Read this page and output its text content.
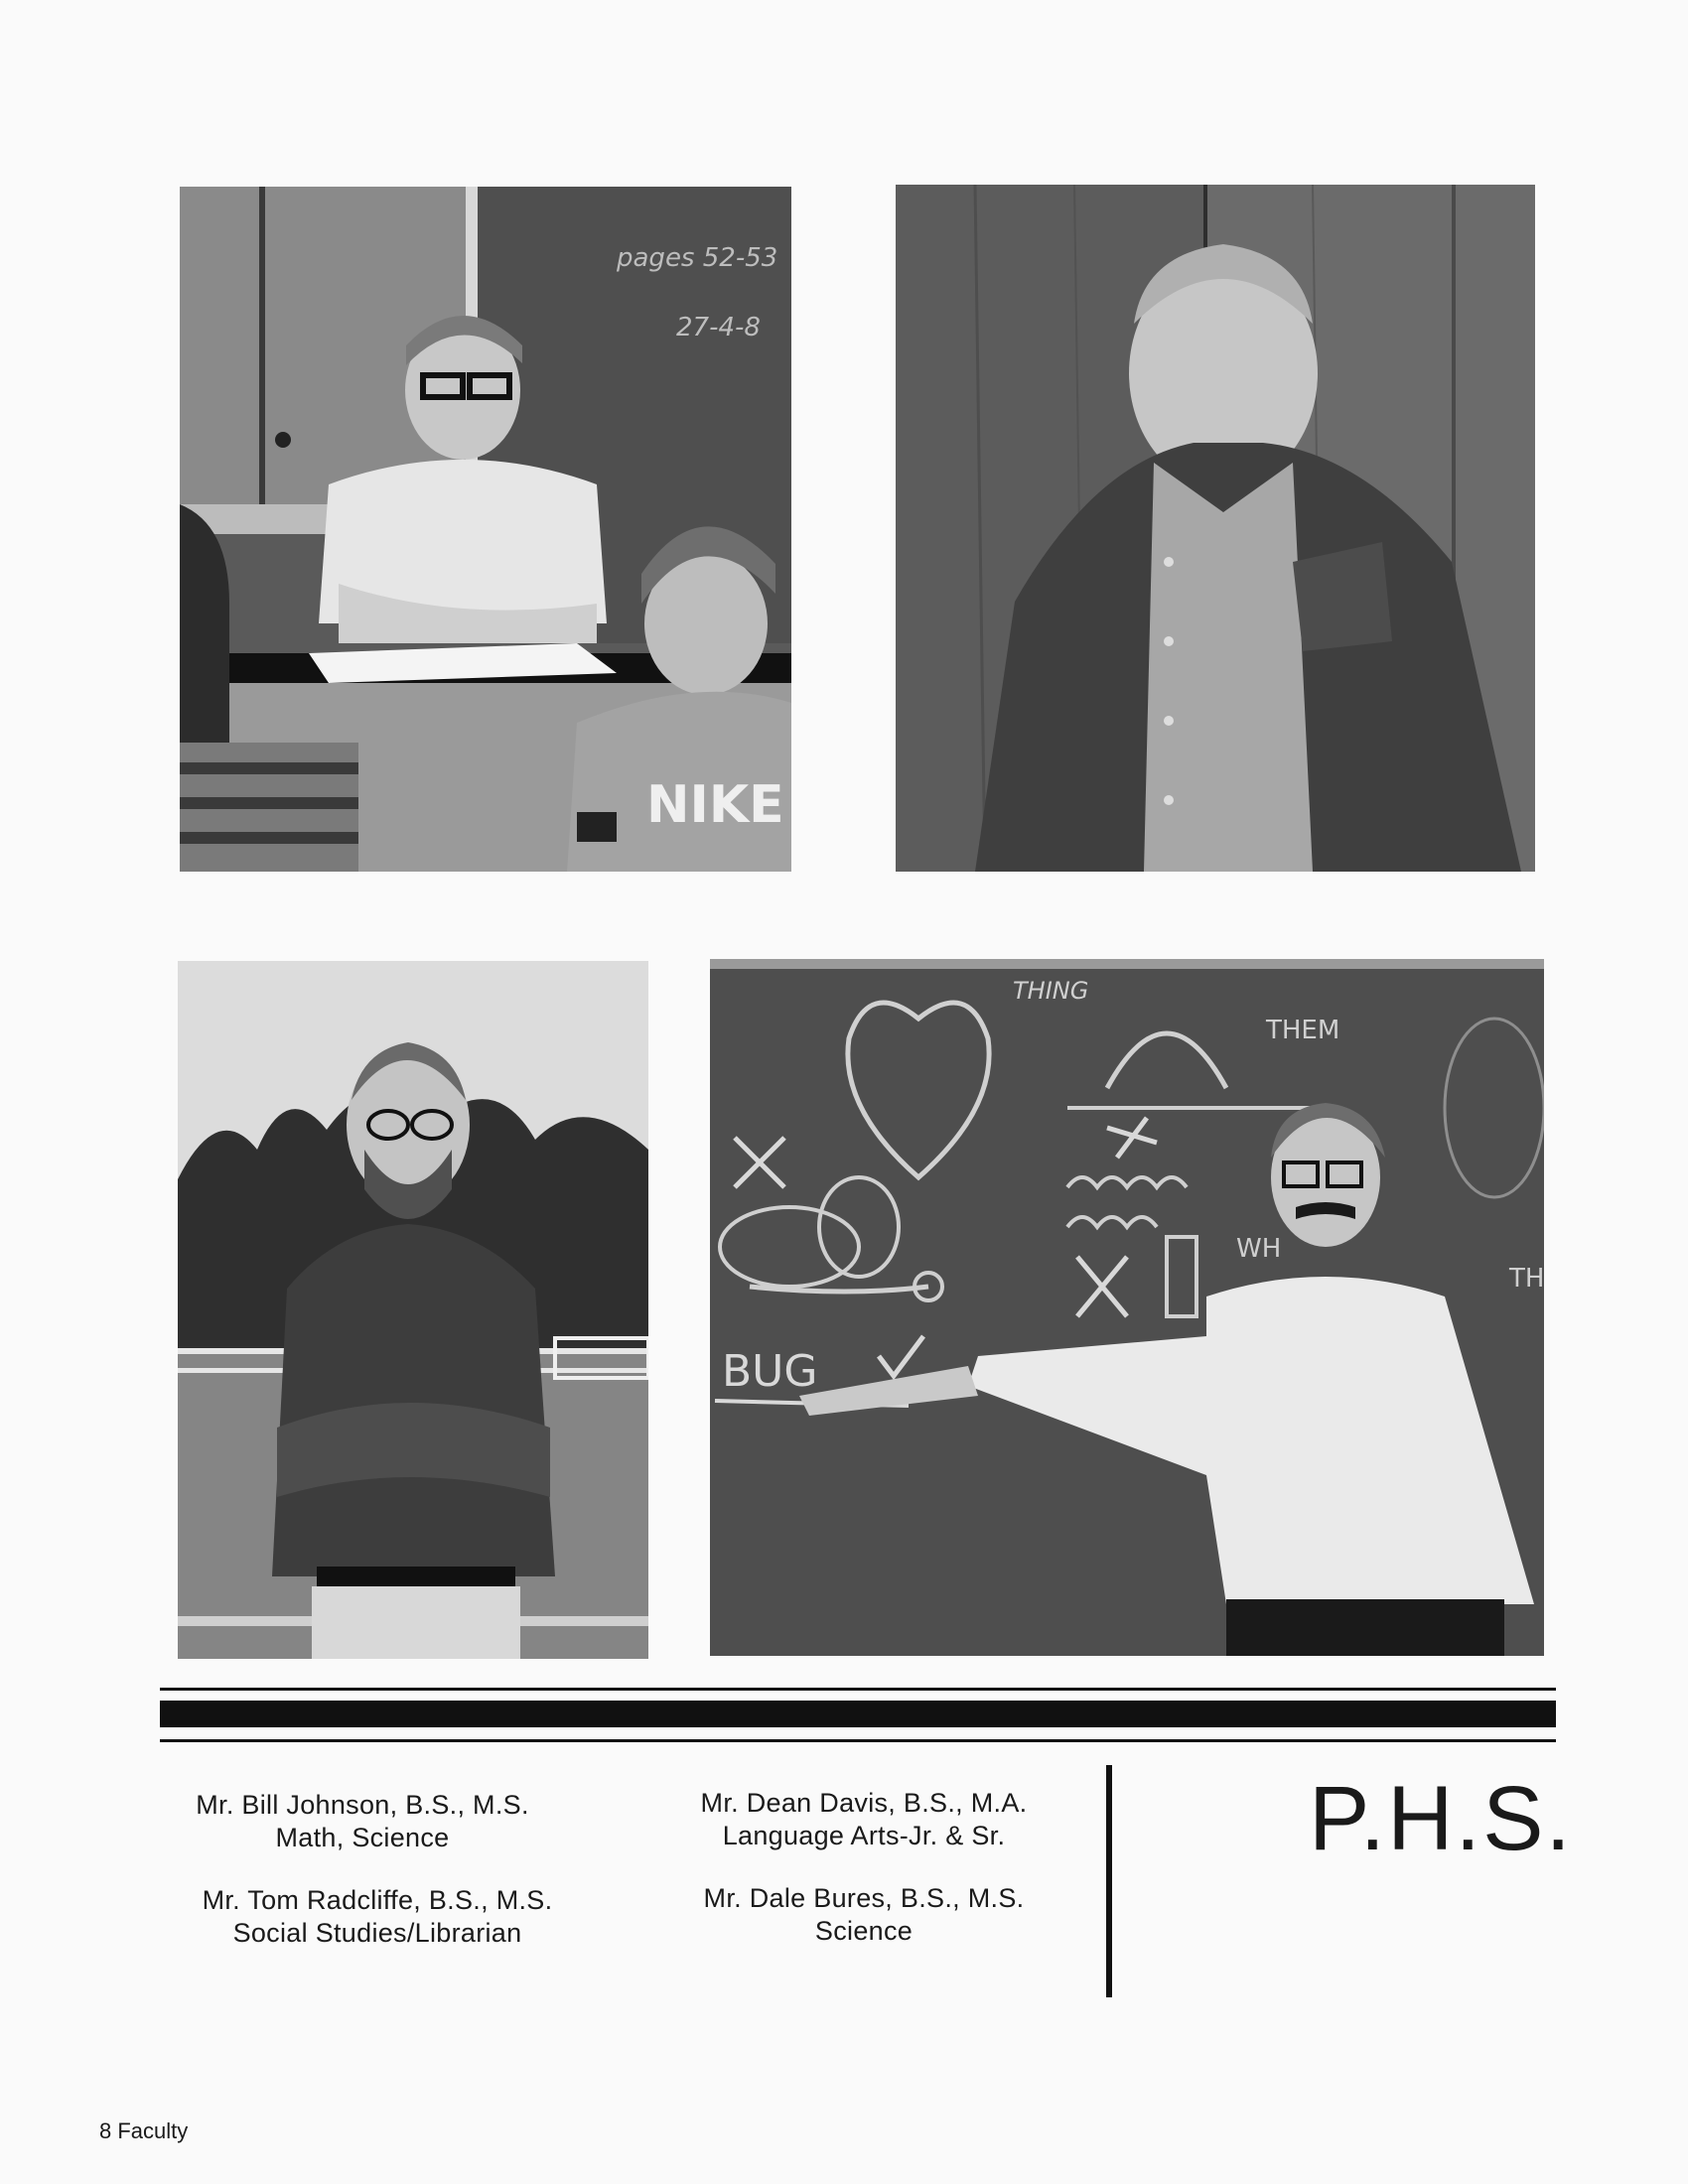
pages 52-53
27-4-8
NIKE
THING
THEM
BUG
WH
TH
Mr. Bill Johnson, B.S., M.S.
Math, Science
Mr. Dean Davis, B.S., M.A.
Language Arts-Jr. & Sr.
Mr. Tom Radcliffe, B.S., M.S.
Social Studies/Librarian
Mr. Dale Bures, B.S., M.S.
Science
P.H.S.
8 Faculty
